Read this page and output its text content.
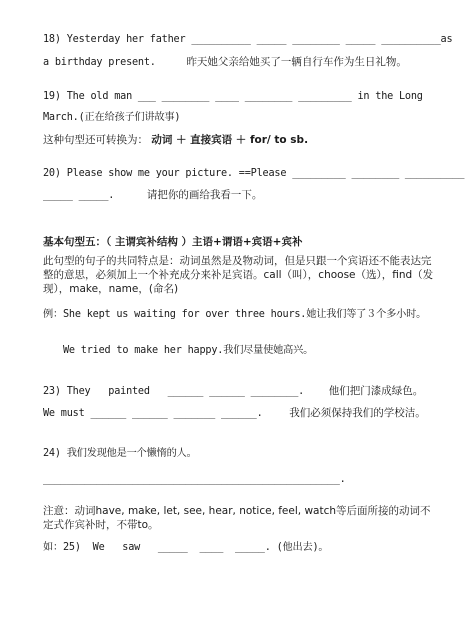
18) Yesterday her father __________ _____ ________ _____ __________as
a birthday present.	昨天她父亲给她买了一辆自行车作为生日礼物。
19) The old man ___ ________ ____ ________ _________ in the Long
March.(正在给孩子们讲故事)
这种句型还可转换为： 动词 ＋ 直接宾语 ＋ for/ to sb.
20) Please show me your picture. ==Please _________ ________ __________
_____ _____.	请把你的画给我看一下。
基本句型五：（ 主谓宾补结构 ）主语+谓语+宾语+宾补
此句型的句子的共同特点是：动词虽然是及物动词，但是只跟一个宾语还不能表达完整的意思，必须加上一个补充成分来补足宾语。call（叫），choose（选），find（发现），make，name，(命名)
例：She kept us waiting for over three hours.她让我们等了３个多小时。
We tried to make her happy.我们尽量使她高兴。
23) They   painted   ______ ______ ________. 他们把门漆成绿色。
We must ______ ______ _______ ______.	我们必须保持我们的学校洁。
24) 我们发现他是一个懒惰的人。
__________________________________________________.
注意：动词have, make, let, see, hear, notice, feel, watch等后面所接的动词不定式作宾补时，不带to。
如：25)  We   saw   _____  ____  _____. (他出去)。
